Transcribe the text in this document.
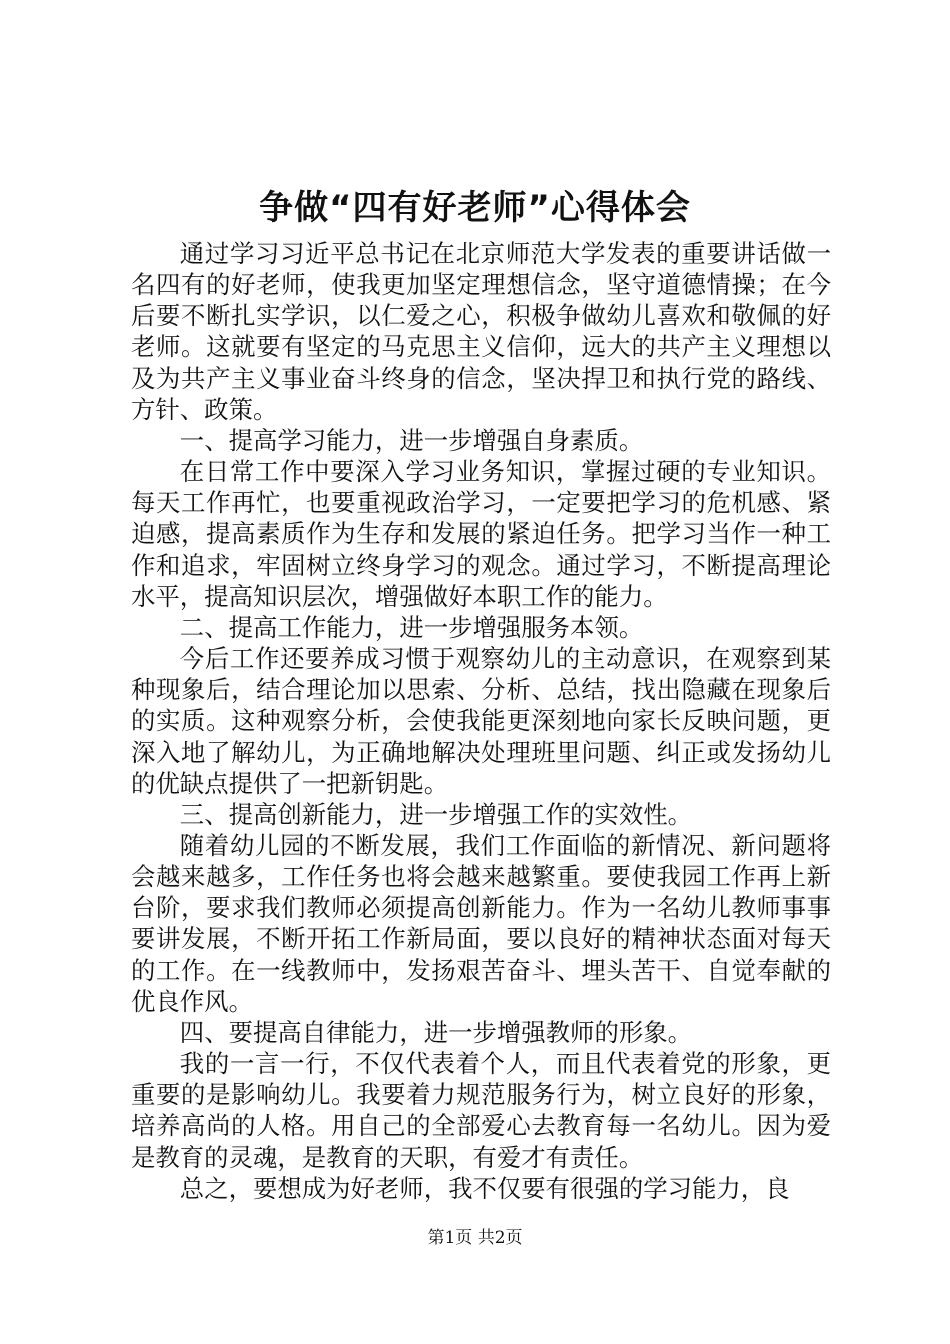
争做“四有好老师”心得体会

通过学习习近平总书记在北京师范大学发表的重要讲话做一名四有的好老师，使我更加坚定理想信念，坚守道德情操；在今后要不断扎实学识，以仁爱之心，积极争做幼儿喜欢和敬佩的好老师。这就要有坚定的马克思主义信仰，远大的共产主义理想以及为共产主义事业奋斗终身的信念，坚决捍卫和执行党的路线、方针、政策。

一、提高学习能力，进一步增强自身素质。

在日常工作中要深入学习业务知识，掌握过硬的专业知识。每天工作再忙，也要重视政治学习，一定要把学习的危机感、紧迫感，提高素质作为生存和发展的紧迫任务。把学习当作一种工作和追求，牢固树立终身学习的观念。通过学习，不断提高理论水平，提高知识层次，增强做好本职工作的能力。

二、提高工作能力，进一步增强服务本领。

今后工作还要养成习惯于观察幼儿的主动意识，在观察到某种现象后，结合理论加以思索、分析、总结，找出隐藏在现象后的实质。这种观察分析，会使我能更深刻地向家长反映问题，更深入地了解幼儿，为正确地解决处理班里问题、纠正或发扬幼儿的优缺点提供了一把新钥匙。

三、提高创新能力，进一步增强工作的实效性。

随着幼儿园的不断发展，我们工作面临的新情况、新问题将会越来越多，工作任务也将会越来越繁重。要使我园工作再上新台阶，要求我们教师必须提高创新能力。作为一名幼儿教师事事要讲发展，不断开拓工作新局面，要以良好的精神状态面对每天的工作。在一线教师中，发扬艰苦奋斗、埋头苦干、自觉奉献的优良作风。

四、要提高自律能力，进一步增强教师的形象。

我的一言一行，不仅代表着个人，而且代表着党的形象，更重要的是影响幼儿。我要着力规范服务行为，树立良好的形象，培养高尚的人格。用自己的全部爱心去教育每一名幼儿。因为爱是教育的灵魂，是教育的天职，有爱才有责任。

总之，要想成为好老师，我不仅要有很强的学习能力，良

第1页 共2页
